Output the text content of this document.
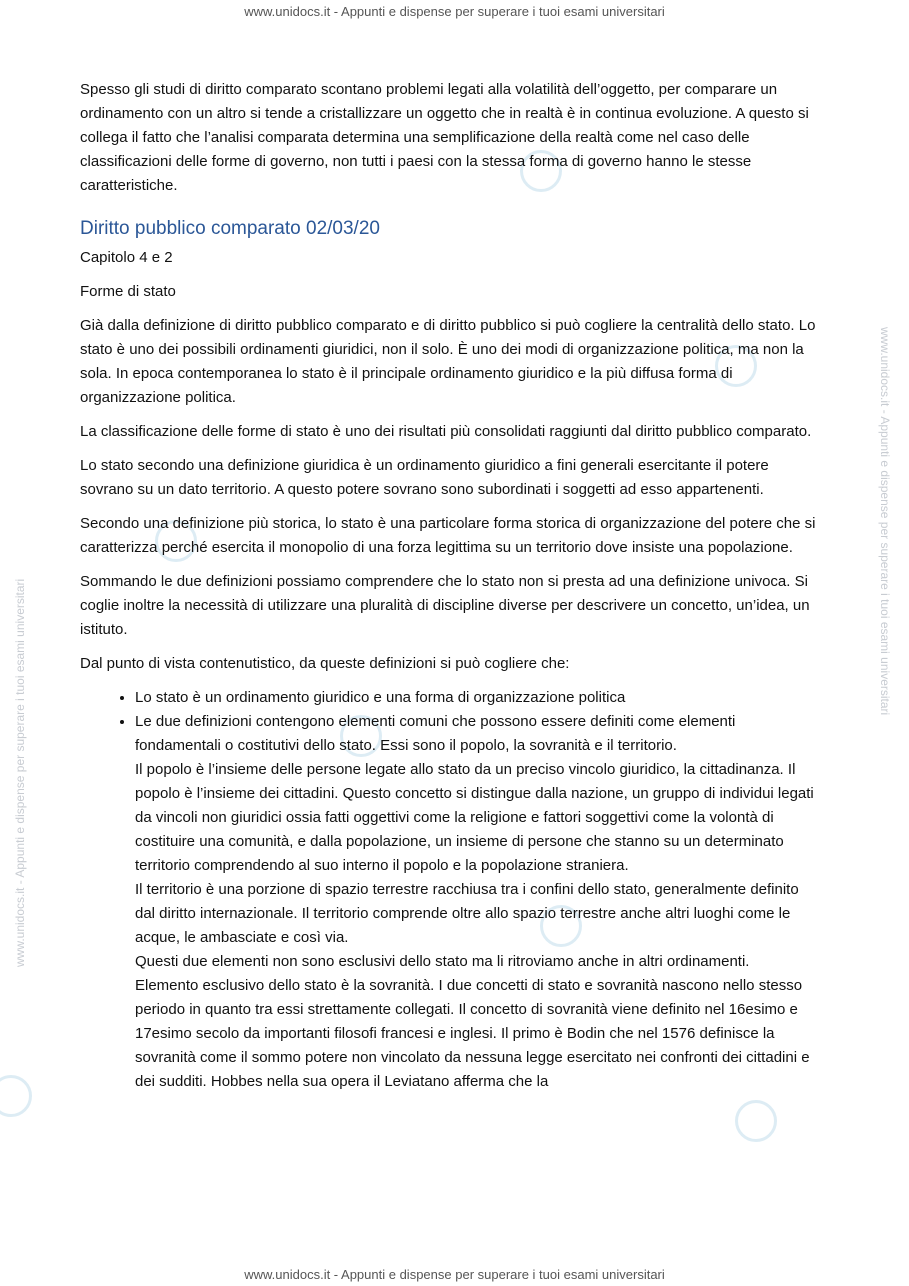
www.unidocs.it - Appunti e dispense per superare i tuoi esami universitari
www.unidocs.it - Appunti e dispense per superare i tuoi esami universitari
www.unidocs.it - Appunti e dispense per superare i tuoi esami universitari

Spesso gli studi di diritto comparato scontano problemi legati alla volatilità dell’oggetto, per comparare un ordinamento con un altro si tende a cristallizzare un oggetto che in realtà è in continua evoluzione. A questo si collega il fatto che l’analisi comparata determina una semplificazione della realtà come nel caso delle classificazioni delle forme di governo, non tutti i paesi con la stessa forma di governo hanno le stesse caratteristiche.

Diritto pubblico comparato 02/03/20

Capitolo 4 e 2

Forme di stato

Già dalla definizione di diritto pubblico comparato e di diritto pubblico si può cogliere la centralità dello stato. Lo stato è uno dei possibili ordinamenti giuridici, non il solo. È uno dei modi di organizzazione politica, ma non la sola. In epoca contemporanea lo stato è il principale ordinamento giuridico e la più diffusa forma di organizzazione politica.

La classificazione delle forme di stato è uno dei risultati più consolidati raggiunti dal diritto pubblico comparato.

Lo stato secondo una definizione giuridica è un ordinamento giuridico a fini generali esercitante il potere sovrano su un dato territorio. A questo potere sovrano sono subordinati i soggetti ad esso appartenenti.

Secondo una definizione più storica, lo stato è una particolare forma storica di organizzazione del potere che si caratterizza perché esercita il monopolio di una forza legittima su un territorio dove insiste una popolazione.

Sommando le due definizioni possiamo comprendere che lo stato non si presta ad una definizione univoca. Si coglie inoltre la necessità di utilizzare una pluralità di discipline diverse per descrivere un concetto, un’idea, un istituto.

Dal punto di vista contenutistico, da queste definizioni si può cogliere che:

• Lo stato è un ordinamento giuridico e una forma di organizzazione politica
• Le due definizioni contengono elementi comuni che possono essere definiti come elementi fondamentali o costitutivi dello stato. Essi sono il popolo, la sovranità e il territorio.
Il popolo è l’insieme delle persone legate allo stato da un preciso vincolo giuridico, la cittadinanza. Il popolo è l’insieme dei cittadini. Questo concetto si distingue dalla nazione, un gruppo di individui legati da vincoli non giuridici ossia fatti oggettivi come la religione e fattori soggettivi come la volontà di costituire una comunità, e dalla popolazione, un insieme di persone che stanno su un determinato territorio comprendendo al suo interno il popolo e la popolazione straniera.
Il territorio è una porzione di spazio terrestre racchiusa tra i confini dello stato, generalmente definito dal diritto internazionale. Il territorio comprende oltre allo spazio terrestre anche altri luoghi come le acque, le ambasciate e così via.
Questi due elementi non sono esclusivi dello stato ma li ritroviamo anche in altri ordinamenti.
Elemento esclusivo dello stato è la sovranità. I due concetti di stato e sovranità nascono nello stesso periodo in quanto tra essi strettamente collegati. Il concetto di sovranità viene definito nel 16esimo e 17esimo secolo da importanti filosofi francesi e inglesi. Il primo è Bodin che nel 1576 definisce la sovranità come il sommo potere non vincolato da nessuna legge esercitato nei confronti dei cittadini e dei sudditi. Hobbes nella sua opera il Leviatano afferma che la
www.unidocs.it - Appunti e dispense per superare i tuoi esami universitari
